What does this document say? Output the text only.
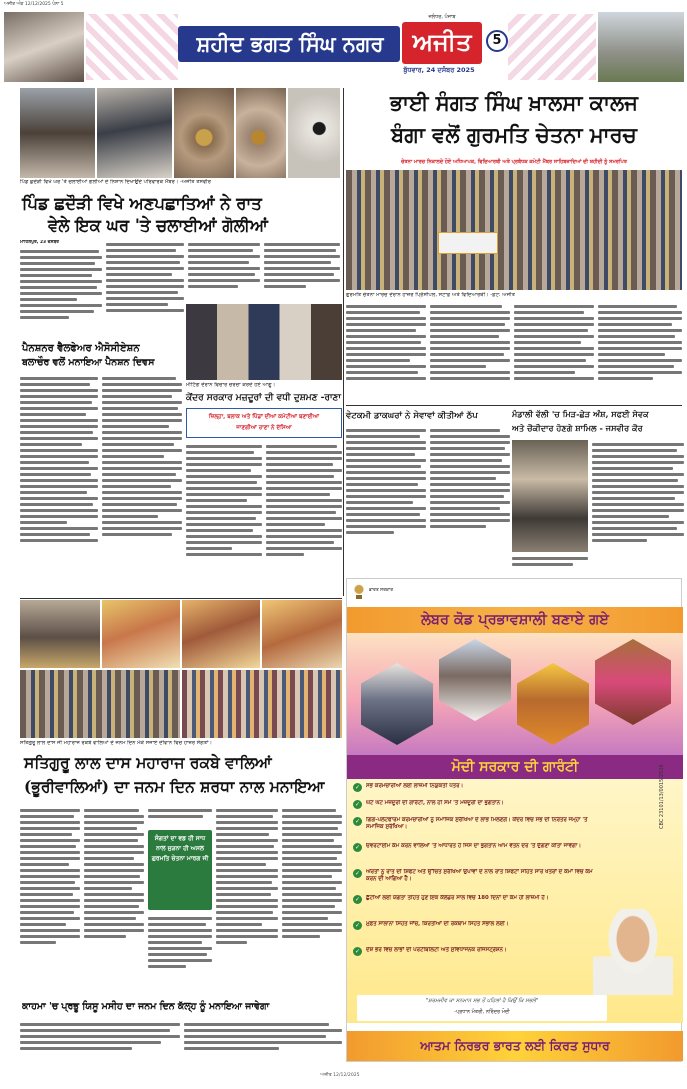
ਅਜੀਤ ਅੰਕ 12/12/2025 ਪੰਨਾ 5
ਸ਼ਹੀਦ ਭਗਤ ਸਿੰਘ ਨਗਰ	ਅਜੀਤ
ਜਲੰਧਰ, ਪੰਜਾਬ
ਬੁੱਧਵਾਰ, 24 ਦਸੰਬਰ 2025
5
ਪਿੰਡ ਛਦੌੜੀ ਵਿਖੇ ਘਰ 'ਤੇ ਚਲਾਈਆਂ ਗੋਲੀਆਂ ਦੇ ਨਿਸ਼ਾਨ ਦਿਖਾਉਂਦੇ ਪਰਿਵਾਰਕ ਮੈਂਬਰ। -ਅਜੀਤ ਤਸਵੀਰ
ਪਿੰਡ ਛਦੌੜੀ ਵਿਖੇ ਅਣਪਛਾਤਿਆਂ ਨੇ ਰਾਤ
ਵੇਲੇ ਇਕ ਘਰ 'ਤੇ ਚਲਾਈਆਂ ਗੋਲੀਆਂ
ਮਾਹਿਲਪੁਰ, 23 ਦਸੰਬਰ
ਪੈਨਸ਼ਨਰ ਵੈਲਫੇਅਰ ਐਸੋਸੀਏਸ਼ਨ
ਬਲਾਚੌਰ ਵਲੋਂ ਮਨਾਇਆ ਪੈਨਸ਼ਨ ਦਿਵਸ
ਮੀਟਿੰਗ ਦੌਰਾਨ ਵਿਚਾਰ ਚਰਚਾ ਕਰਦੇ ਹੋਏ ਆਗੂ।
ਕੇਂਦਰ ਸਰਕਾਰ ਮਜ਼ਦੂਰਾਂ ਦੀ ਵਧੀ ਦੁਸ਼ਮਣ -ਰਾਣਾ
ਜ਼ਿਲ੍ਹਾ, ਬਲਾਕ ਅਤੇ ਪਿੰਡਾਂ ਦੀਆਂ ਕਮੇਟੀਆਂ ਬਣਾਈਆਂ
ਜਾਣਗੀਆਂ ਰਾਣਾ ਨੇ ਦੱਸਿਆ
ਭਾਈ ਸੰਗਤ ਸਿੰਘ ਖ਼ਾਲਸਾ ਕਾਲਜ
ਬੰਗਾ ਵਲੋਂ ਗੁਰਮਤਿ ਚੇਤਨਾ ਮਾਰਚ
ਚੇਤਨਾ ਮਾਰਚ ਨਿਕਾਲਦੇ ਹੋਏ ਅਧਿਆਪਕ, ਵਿਦਿਆਰਥੀ ਅਤੇ ਪ੍ਰਬੰਧਕ ਕਮੇਟੀ ਮੈਂਬਰ ਸਾਹਿਬਜ਼ਾਦਿਆਂ ਦੀ ਸ਼ਹੀਦੀ ਨੂੰ ਸਮਰਪਿਤ
ਗੁਰਮਤਿ ਚੇਤਨਾ ਮਾਰਚ ਦੌਰਾਨ ਹਾਜ਼ਰ ਪ੍ਰਿੰਸੀਪਲ, ਸਟਾਫ਼ ਅਤੇ ਵਿਦਿਆਰਥੀ। -ਫ਼ੋਟੋ: ਅਜੀਤ
ਵੇਟਕਮੀ ਡਾਕਘਰਾਂ ਨੇ ਸੇਵਾਵਾਂ ਕੀਤੀਆਂ ਠੱਪ	ਮੰਡਾਲੀ ਵੱਲੀ 'ਚ ਮਿੜ-ਛੇੜ ਅੰਸ਼, ਸਫਈ ਸੇਵਕ
ਅਤੇ ਚੌਕੀਦਾਰ ਹੋਣਗੇ ਸ਼ਾਮਿਲ - ਜਸਵੀਰ ਕੌਰ
ਸਤਿਗੁਰੂ ਲਾਲ ਦਾਸ ਜੀ ਮਹਾਰਾਜ ਰਕਬੇ ਵਾਲਿਆਂ ਦੇ ਜਨਮ ਦਿਨ ਮੌਕੇ ਸਜਾਏ ਦੀਵਾਨ ਵਿਚ ਹਾਜ਼ਰ ਸੰਗਤਾਂ।
ਸਤਿਗੁਰੂ ਲਾਲ ਦਾਸ ਮਹਾਰਾਜ ਰਕਬੇ ਵਾਲਿਆਂ
(ਭੂਰੀਵਾਲਿਆਂ) ਦਾ ਜਨਮ ਦਿਨ ਸ਼ਰਧਾ ਨਾਲ ਮਨਾਇਆ
ਸੰਗਤਾਂ ਦਾ ਵਡ ਹੀ ਸਾਧ ਨਾਲ ਜੁੜਨਾ ਹੀ ਅਸਲ ਗੁਰਮਤਿ ਚੇਤਨਾ ਮਾਰਗ ਜੀ
ਕਾਹਮਾ 'ਚ ਪ੍ਰਭੂ ਯਿਸੂ ਮਸੀਹ ਦਾ ਜਨਮ ਦਿਨ ਕੱਲ੍ਹ ਨੂੰ ਮਨਾਇਆ ਜਾਵੇਗਾ
ਭਾਰਤ ਸਰਕਾਰ
ਲੇਬਰ ਕੋਡ ਪ੍ਰਭਾਵਸ਼ਾਲੀ ਬਣਾਏ ਗਏ
ਮੋਦੀ ਸਰਕਾਰ ਦੀ ਗਾਰੰਟੀ
✓	ਸਭੇ ਕਰਮਚਾਰੀਆਂ ਲਈ ਲਾਜ਼ਮੀ ਨਿਯੁਕਤੀ ਪੱਤਰ।
✓	ਘੱਟੋ ਘੱਟ ਮਜ਼ਦੂਰੀ ਦੀ ਗਾਰੰਟੀ, ਨਾਲ ਹੀ ਸਮੇਂ 'ਤੇ ਮਜ਼ਦੂਰੀ ਦਾ ਭੁਗਤਾਨ।
✓	ਗਿਗ-ਪਲੇਟਫਾਰਮ ਕਰਮਚਾਰੀਆਂ ਨੂੰ ਸਮਾਜਿਕ ਸੁਰੱਖਿਆ ਦੇ ਲਾਭ ਮਿਲਣਗੇ। ਕੇਂਦਰ ਵਿਚ ਸਭ ਦੀ ਨਿਰੰਤਰ ਜਮ੍ਹਾ 'ਤੇ ਸਮਾਜਿਕ ਸੁਰੱਖਿਆ।
✓	ਓਵਰਟਾਈਮ ਕੰਮ ਕਰਨ ਵਾਲਿਆਂ 'ਤੇ ਆਧਾਰਤ ਹੈ ਜਿਸ ਦਾ ਭੁਗਤਾਨ ਆਮ ਵੇਤਨ ਦਰ 'ਤੇ ਦੁੱਗਣਾ ਕੀਤਾ ਜਾਵੇਗਾ।
✓	ਔਰਤਾਂ ਨੂੰ ਰਾਤ ਦੀ ਸ਼ਿਫਟ ਅਤੇ ਉੱਚਿਤ ਸੁਰੱਖਿਆ ਉਪਾਵਾਂ ਦੇ ਨਾਲ ਰਾਤ ਸ਼ਿਫਟਾਂ ਸਹਿਤ ਸਾਰੇ ਖੇਤਰਾਂ ਦੇ ਕੰਮਾਂ ਵਿਚ ਕੰਮ ਕਰਨ ਦੀ ਆਗਿਆ ਹੈ।
✓	ਛੁੱਟੀਆਂ ਲਈ ਯੋਗਤਾ ਤਹਿਤ ਹੁਣ ਇਕ ਕੈਲੰਡਰ ਸਾਲ ਵਿਚ 180 ਦਿਨਾਂ ਦਾ ਕੰਮ ਹੀ ਲਾਜ਼ਮੀ ਹੈ।
✓	ਮੁਫ਼ਤ ਸਾਲਾਨਾ ਸਿਹਤ ਜਾਂਚ, ਕਿਰਤੀਆਂ ਦੀ ਰੋਕਥਾਮ ਸਿਹਤ ਸੰਭਾਲ ਲਈ।
✓	ਦੇਸ਼ ਭਰ ਵਿਚ ਲਾਭਾਂ ਦੀ ਪੋਰਟੇਬਿਲਿਟੀ ਅਤੇ ਸੁਵਿਧਾਜਨਕ ਰਜਿਸਟ੍ਰੇਸ਼ਨ।
CBC 23101/13/0015/2526
"ਸ਼ਰਮਜੀਵ ਕਾ ਸਨਮਾਨ ਸਭ ਤੋਂ ਪਹਿਲਾਂ ਹੈ ਕਿਉਂ ਕਿ ਸਭਲੇ"
-ਪ੍ਰਧਾਨ ਮੰਤਰੀ, ਨਰਿੰਦਰ ਮੋਦੀ
ਆਤਮ ਨਿਰਭਰ ਭਾਰਤ ਲਈ ਕਿਰਤ ਸੁਧਾਰ
ਅਜੀਤ 12/12/2025
